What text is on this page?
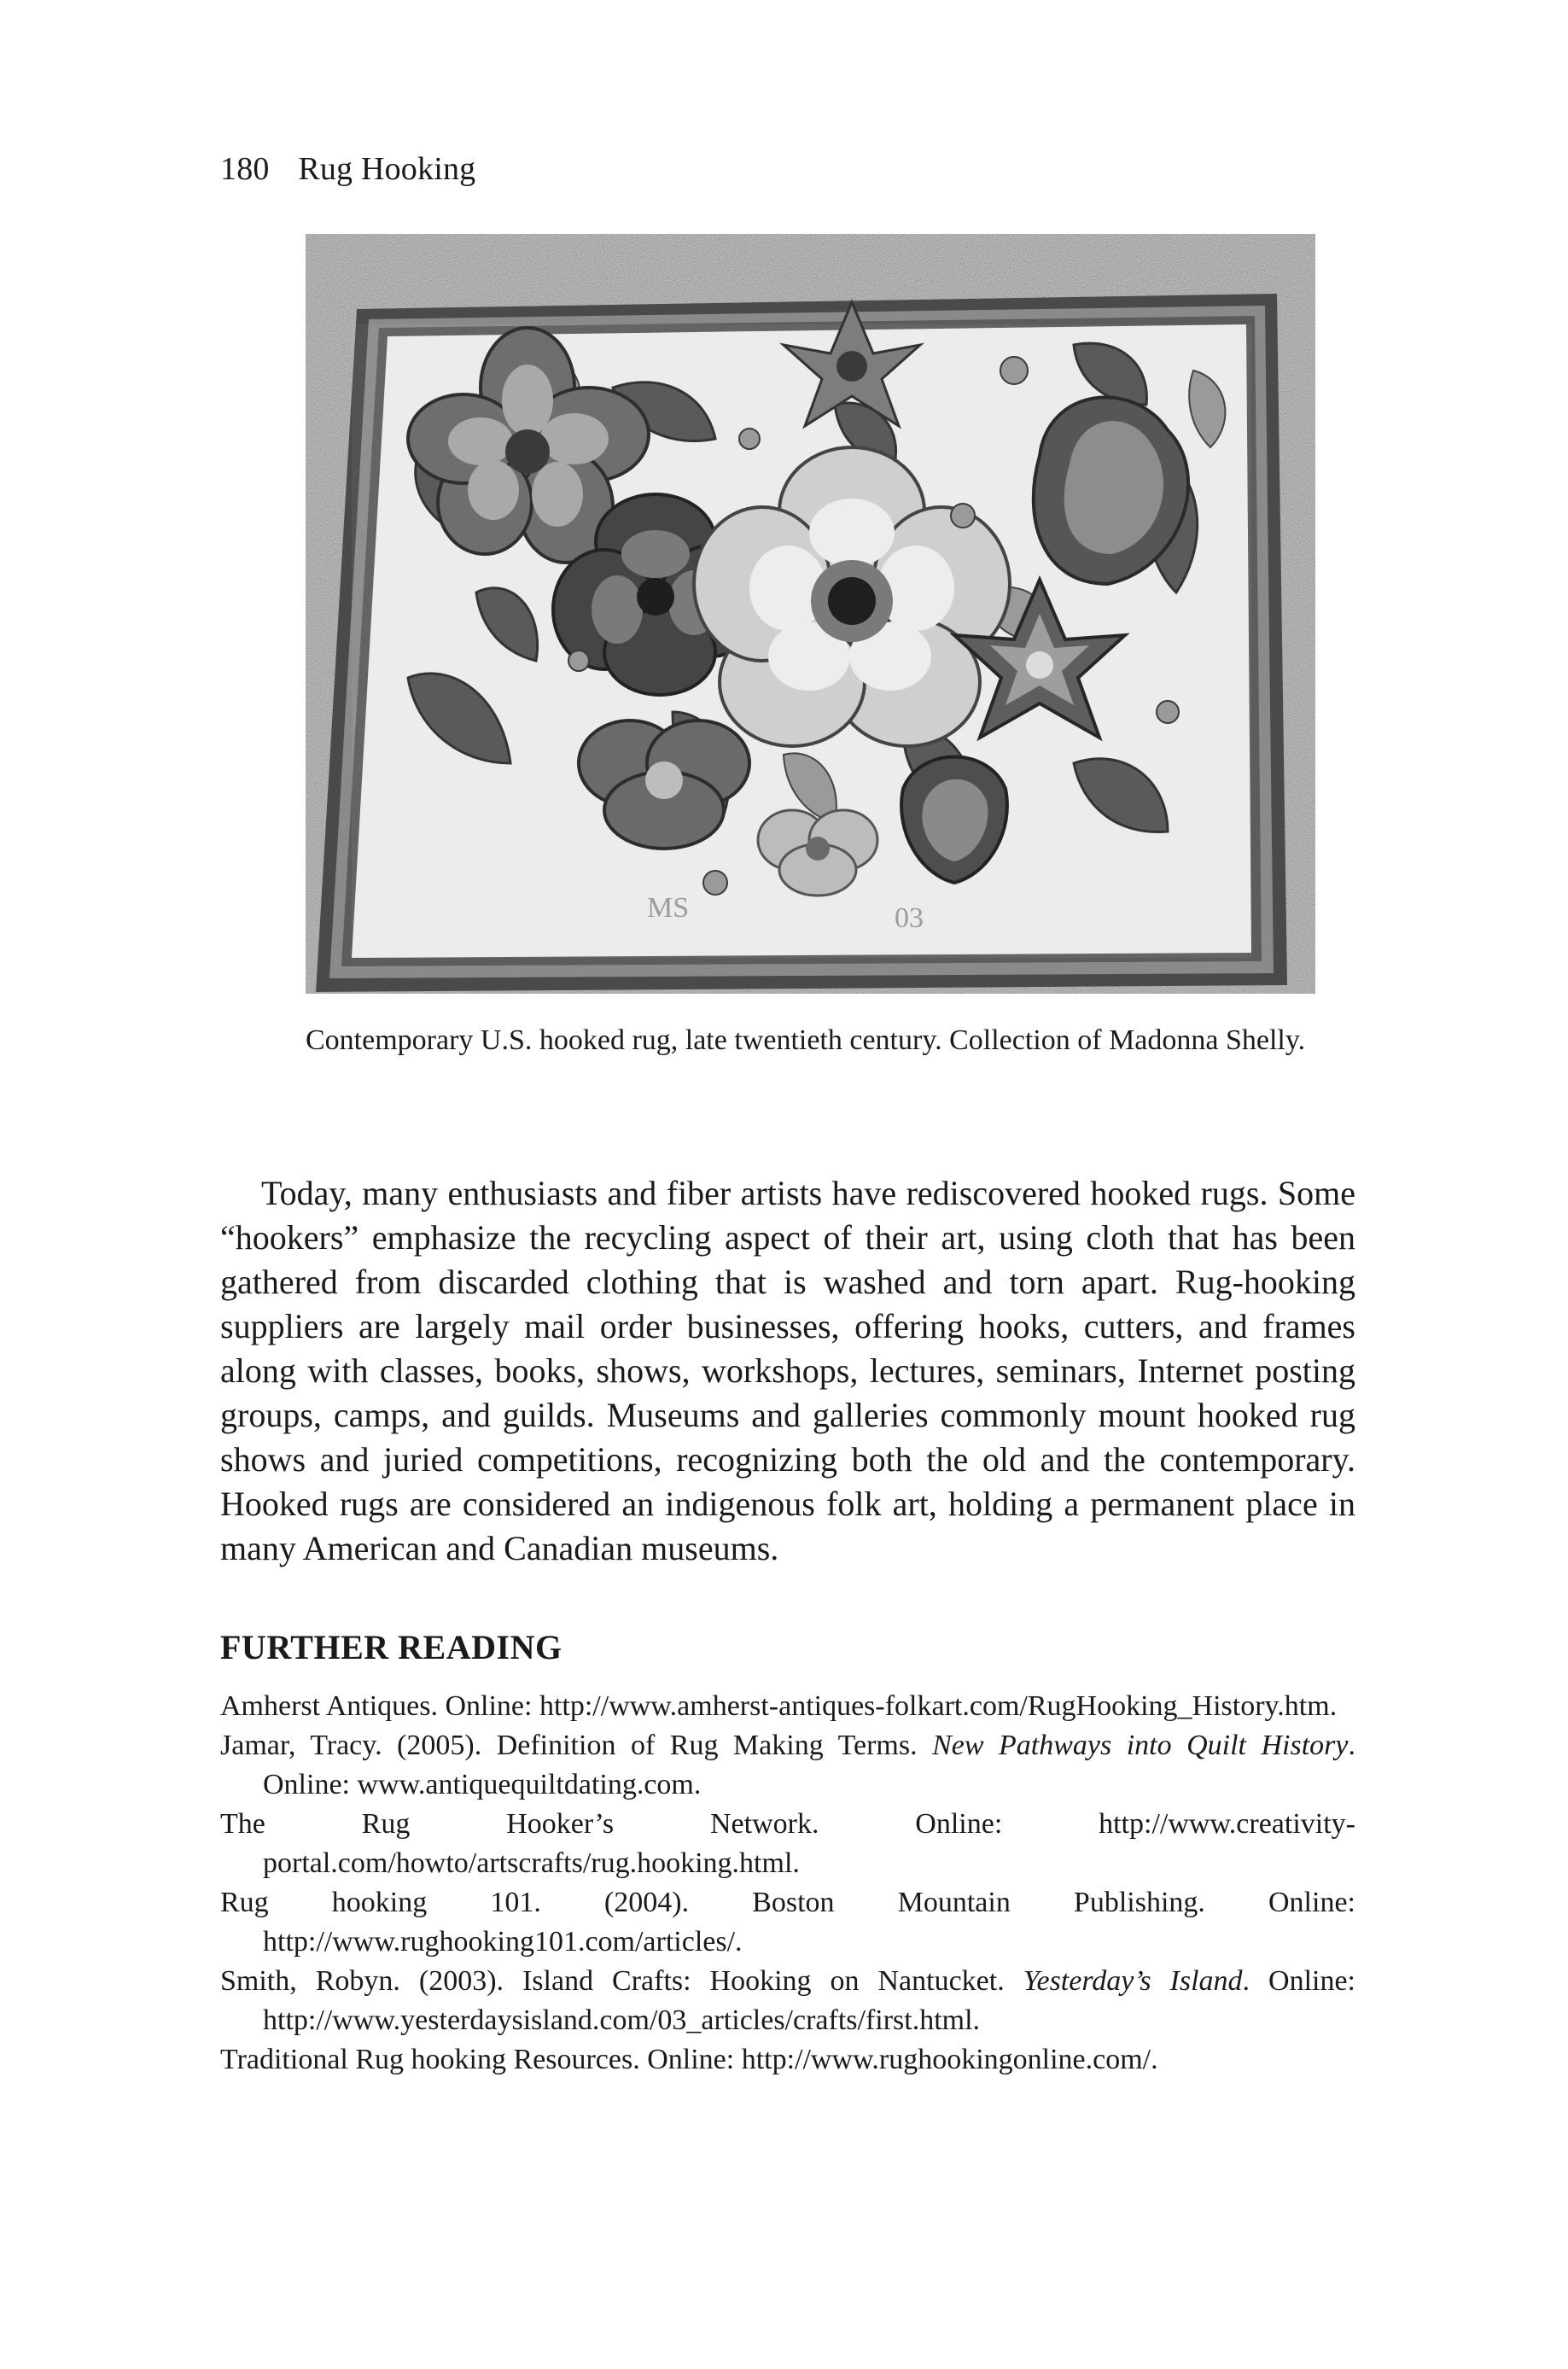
180 Rug Hooking
MS	03
Contemporary U.S. hooked rug, late twentieth century. Collection of Madonna Shelly.

Today, many enthusiasts and fiber artists have rediscovered hooked rugs. Some “hookers” emphasize the recycling aspect of their art, using cloth that has been gathered from discarded clothing that is washed and torn apart. Rug-hooking suppliers are largely mail order businesses, offering hooks, cutters, and frames along with classes, books, shows, workshops, lectures, seminars, Internet posting groups, camps, and guilds. Museums and galleries commonly mount hooked rug shows and juried competitions, recognizing both the old and the contemporary. Hooked rugs are considered an indigenous folk art, holding a permanent place in many American and Canadian museums.

FURTHER READING
Amherst Antiques. Online: http://www.amherst-antiques-folkart.com/RugHooking_History.htm.
Jamar, Tracy. (2005). Definition of Rug Making Terms. New Pathways into Quilt History. Online: www.antiquequiltdating.com.
The Rug Hooker’s Network. Online: http://www.creativity-portal.com/howto/artscrafts/rug.hooking.html.
Rug hooking 101. (2004). Boston Mountain Publishing. Online: http://www.rughooking101.com/articles/.
Smith, Robyn. (2003). Island Crafts: Hooking on Nantucket. Yesterday’s Island. Online: http://www.yesterdaysisland.com/03_articles/crafts/first.html.
Traditional Rug hooking Resources. Online: http://www.rughookingonline.com/.
